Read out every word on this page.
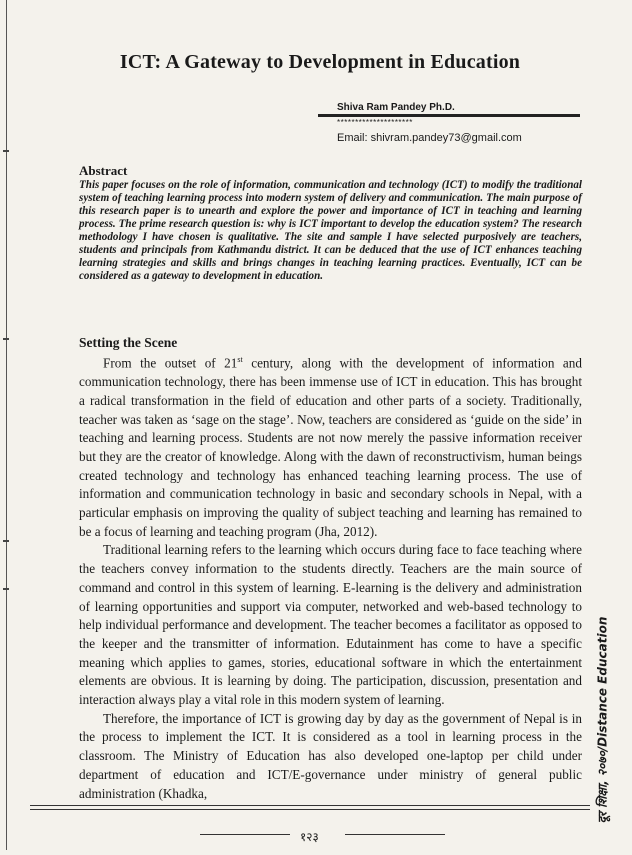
ICT: A Gateway to Development in Education
Shiva Ram Pandey Ph.D.
*********************
Email: shivram.pandey73@gmail.com
Abstract
This paper focuses on the role of information, communication and technology (ICT) to modify the traditional system of teaching learning process into modern system of delivery and communication. The main purpose of this research paper is to unearth and explore the power and importance of ICT in teaching and learning process. The prime research question is: why is ICT important to develop the education system? The research methodology I have chosen is qualitative. The site and sample I have selected purposively are teachers, students and principals from Kathmandu district. It can be deduced that the use of ICT enhances teaching learning strategies and skills and brings changes in teaching learning practices. Eventually, ICT can be considered as a gateway to development in education.
Setting the Scene

From the outset of 21st century, along with the development of information and communication technology, there has been immense use of ICT in education. This has brought a radical transformation in the field of education and other parts of a society. Traditionally, teacher was taken as ‘sage on the stage’. Now, teachers are considered as ‘guide on the side’ in teaching and learning process. Students are not now merely the passive information receiver but they are the creator of knowledge. Along with the dawn of reconstructivism, human beings created technology and technology has enhanced teaching learning process. The use of information and communication technology in basic and secondary schools in Nepal, with a particular emphasis on improving the quality of subject teaching and learning has remained to be a focus of learning and teaching program (Jha, 2012).

Traditional learning refers to the learning which occurs during face to face teaching where the teachers convey information to the students directly. Teachers are the main source of command and control in this system of learning. E-learning is the delivery and administration of learning opportunities and support via computer, networked and web-based technology to help individual performance and development. The teacher becomes a facilitator as opposed to the keeper and the transmitter of information. Edutainment has come to have a specific meaning which applies to games, stories, educational software in which the entertainment elements are obvious. It is learning by doing. The participation, discussion, presentation and interaction always play a vital role in this modern system of learning.

Therefore, the importance of ICT is growing day by day as the government of Nepal is in the process to implement the ICT. It is considered as a tool in learning process in the classroom. The Ministry of Education has also developed one-laptop per child under department of education and ICT/E-governance under ministry of general public administration (Khadka,	दूर शिक्षा, २०७०/Distance Education
१२३
